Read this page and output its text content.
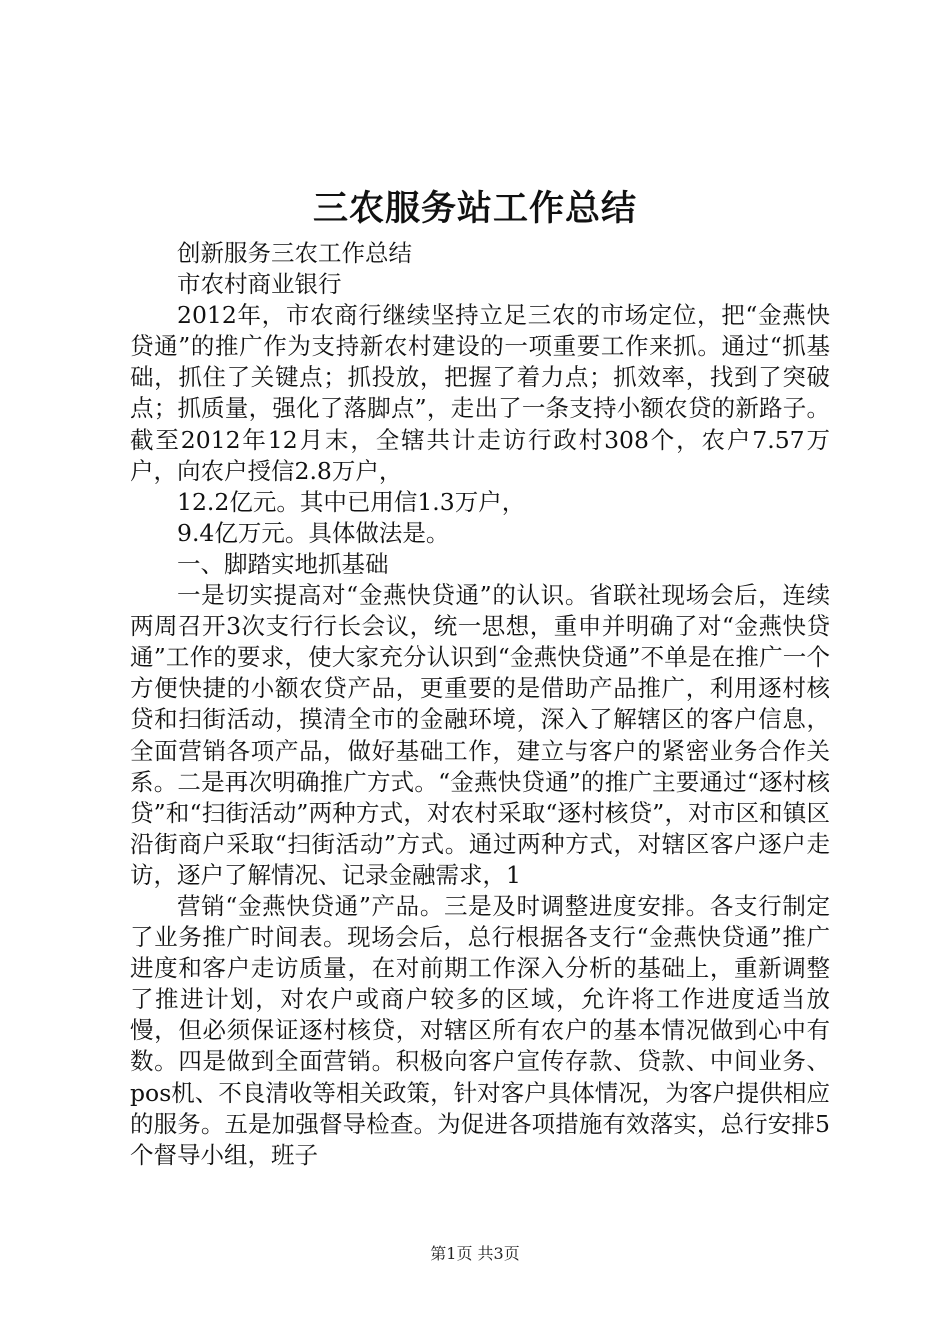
三农服务站工作总结

创新服务三农工作总结

市农村商业银行

2012年，市农商行继续坚持立足三农的市场定位，把“金燕快贷通”的推广作为支持新农村建设的一项重要工作来抓。通过“抓基础，抓住了关键点；抓投放，把握了着力点；抓效率，找到了突破点；抓质量，强化了落脚点”，走出了一条支持小额农贷的新路子。截至2012年12月末，全辖共计走访行政村308个，农户7.57万户，向农户授信2.8万户，

12.2亿元。其中已用信1.3万户，

9.4亿万元。具体做法是。

一、脚踏实地抓基础

一是切实提高对“金燕快贷通”的认识。省联社现场会后，连续两周召开3次支行行长会议，统一思想，重申并明确了对“金燕快贷通”工作的要求，使大家充分认识到“金燕快贷通”不单是在推广一个方便快捷的小额农贷产品，更重要的是借助产品推广，利用逐村核贷和扫街活动，摸清全市的金融环境，深入了解辖区的客户信息，全面营销各项产品，做好基础工作，建立与客户的紧密业务合作关系。二是再次明确推广方式。“金燕快贷通”的推广主要通过“逐村核贷”和“扫街活动”两种方式，对农村采取“逐村核贷”，对市区和镇区沿街商户采取“扫街活动”方式。通过两种方式，对辖区客户逐户走访，逐户了解情况、记录金融需求，1

营销“金燕快贷通”产品。三是及时调整进度安排。各支行制定了业务推广时间表。现场会后，总行根据各支行“金燕快贷通”推广进度和客户走访质量，在对前期工作深入分析的基础上，重新调整了推进计划，对农户或商户较多的区域，允许将工作进度适当放慢，但必须保证逐村核贷，对辖区所有农户的基本情况做到心中有数。四是做到全面营销。积极向客户宣传存款、贷款、中间业务、pos机、不良清收等相关政策，针对客户具体情况，为客户提供相应的服务。五是加强督导检查。为促进各项措施有效落实，总行安排5个督导小组，班子

第1页 共3页
